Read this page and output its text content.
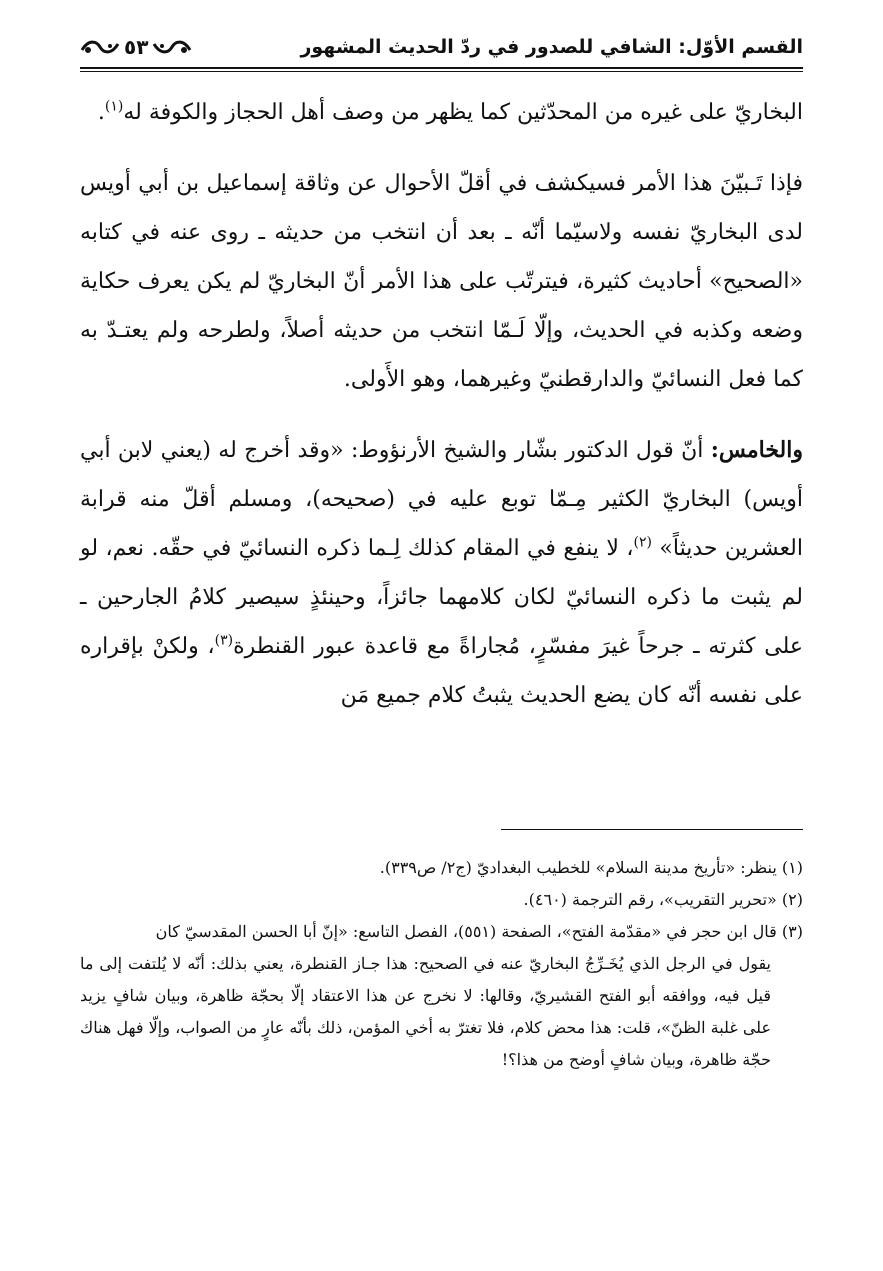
القسم الأوّل: الشافي للصدور في ردّ الحديث المشهور
٥٣

البخاريّ على غيره من المحدّثين كما يظهر من وصف أهل الحجاز والكوفة له$^{(١)}$.

فإذا تَـبيّنَ هذا الأمر فسيكشف في أقلّ الأحوال عن وثاقة إسماعيل بن أبي أويس لدى البخاريّ نفسه ولاسيّما أنّه ـ بعد أن انتخب من حديثه ـ روى عنه في كتابه «الصحيح» أحاديث كثيرة، فيترتّب على هذا الأمر أنّ البخاريّ لم يكن يعرف حكاية وضعه وكذبه في الحديث، وإلّا لَـمّا انتخب من حديثه أصلاً، ولطرحه ولم يعتـدّ به كما فعل النسائيّ والدارقطنيّ وغيرهما، وهو الأَولى.

والخامس: أنّ قول الدكتور بشّار والشيخ الأرنؤوط: «وقد أخرج له (يعني لابن أبي أويس) البخاريّ الكثير مِـمّا توبع عليه في (صحيحه)، ومسلم أقلّ منه قرابة العشرين حديثاً» $^{(٢)}$، لا ينفع في المقام كذلك لِـما ذكره النسائيّ في حقّه. نعم، لو لم يثبت ما ذكره النسائيّ لكان كلامهما جائزاً، وحينئذٍ سيصير كلامُ الجارحين ـ على كثرته ـ جرحاً غيرَ مفسّرٍ، مُجاراةً مع قاعدة عبور القنطرة$^{(٣)}$، ولكنْ بإقراره على نفسه أنّه كان يضع الحديث يثبتُ كلام جميع مَن

(١) ينظر: «تأريخ مدينة السلام» للخطيب البغداديّ (ج٢/ ص٣٣٩).

(٢) «تحرير التقريب»، رقم الترجمة (٤٦٠).

(٣) قال ابن حجر في «مقدّمة الفتح»، الصفحة (٥٥١)، الفصل التاسع: «إنّ أبا الحسن المقدسيّ كان

يقول في الرجل الذي يُخَـرِّجُ البخاريّ عنه في الصحيح: هذا جـاز القنطرة، يعني بذلك: أنّه لا يُلتفت إلى ما قيل فيه، ووافقه أبو الفتح القشيريّ، وقالها: لا نخرج عن هذا الاعتقاد إلّا بحجّة ظاهرة، وبيان شافٍ يزيد على غلبة الظنّ»، قلت: هذا محض كلام، فلا تغترّ به أخي المؤمن، ذلك بأنّه عارٍ من الصواب، وإلّا فهل هناك حجّة ظاهرة، وبيان شافٍ أوضح من هذا؟!
